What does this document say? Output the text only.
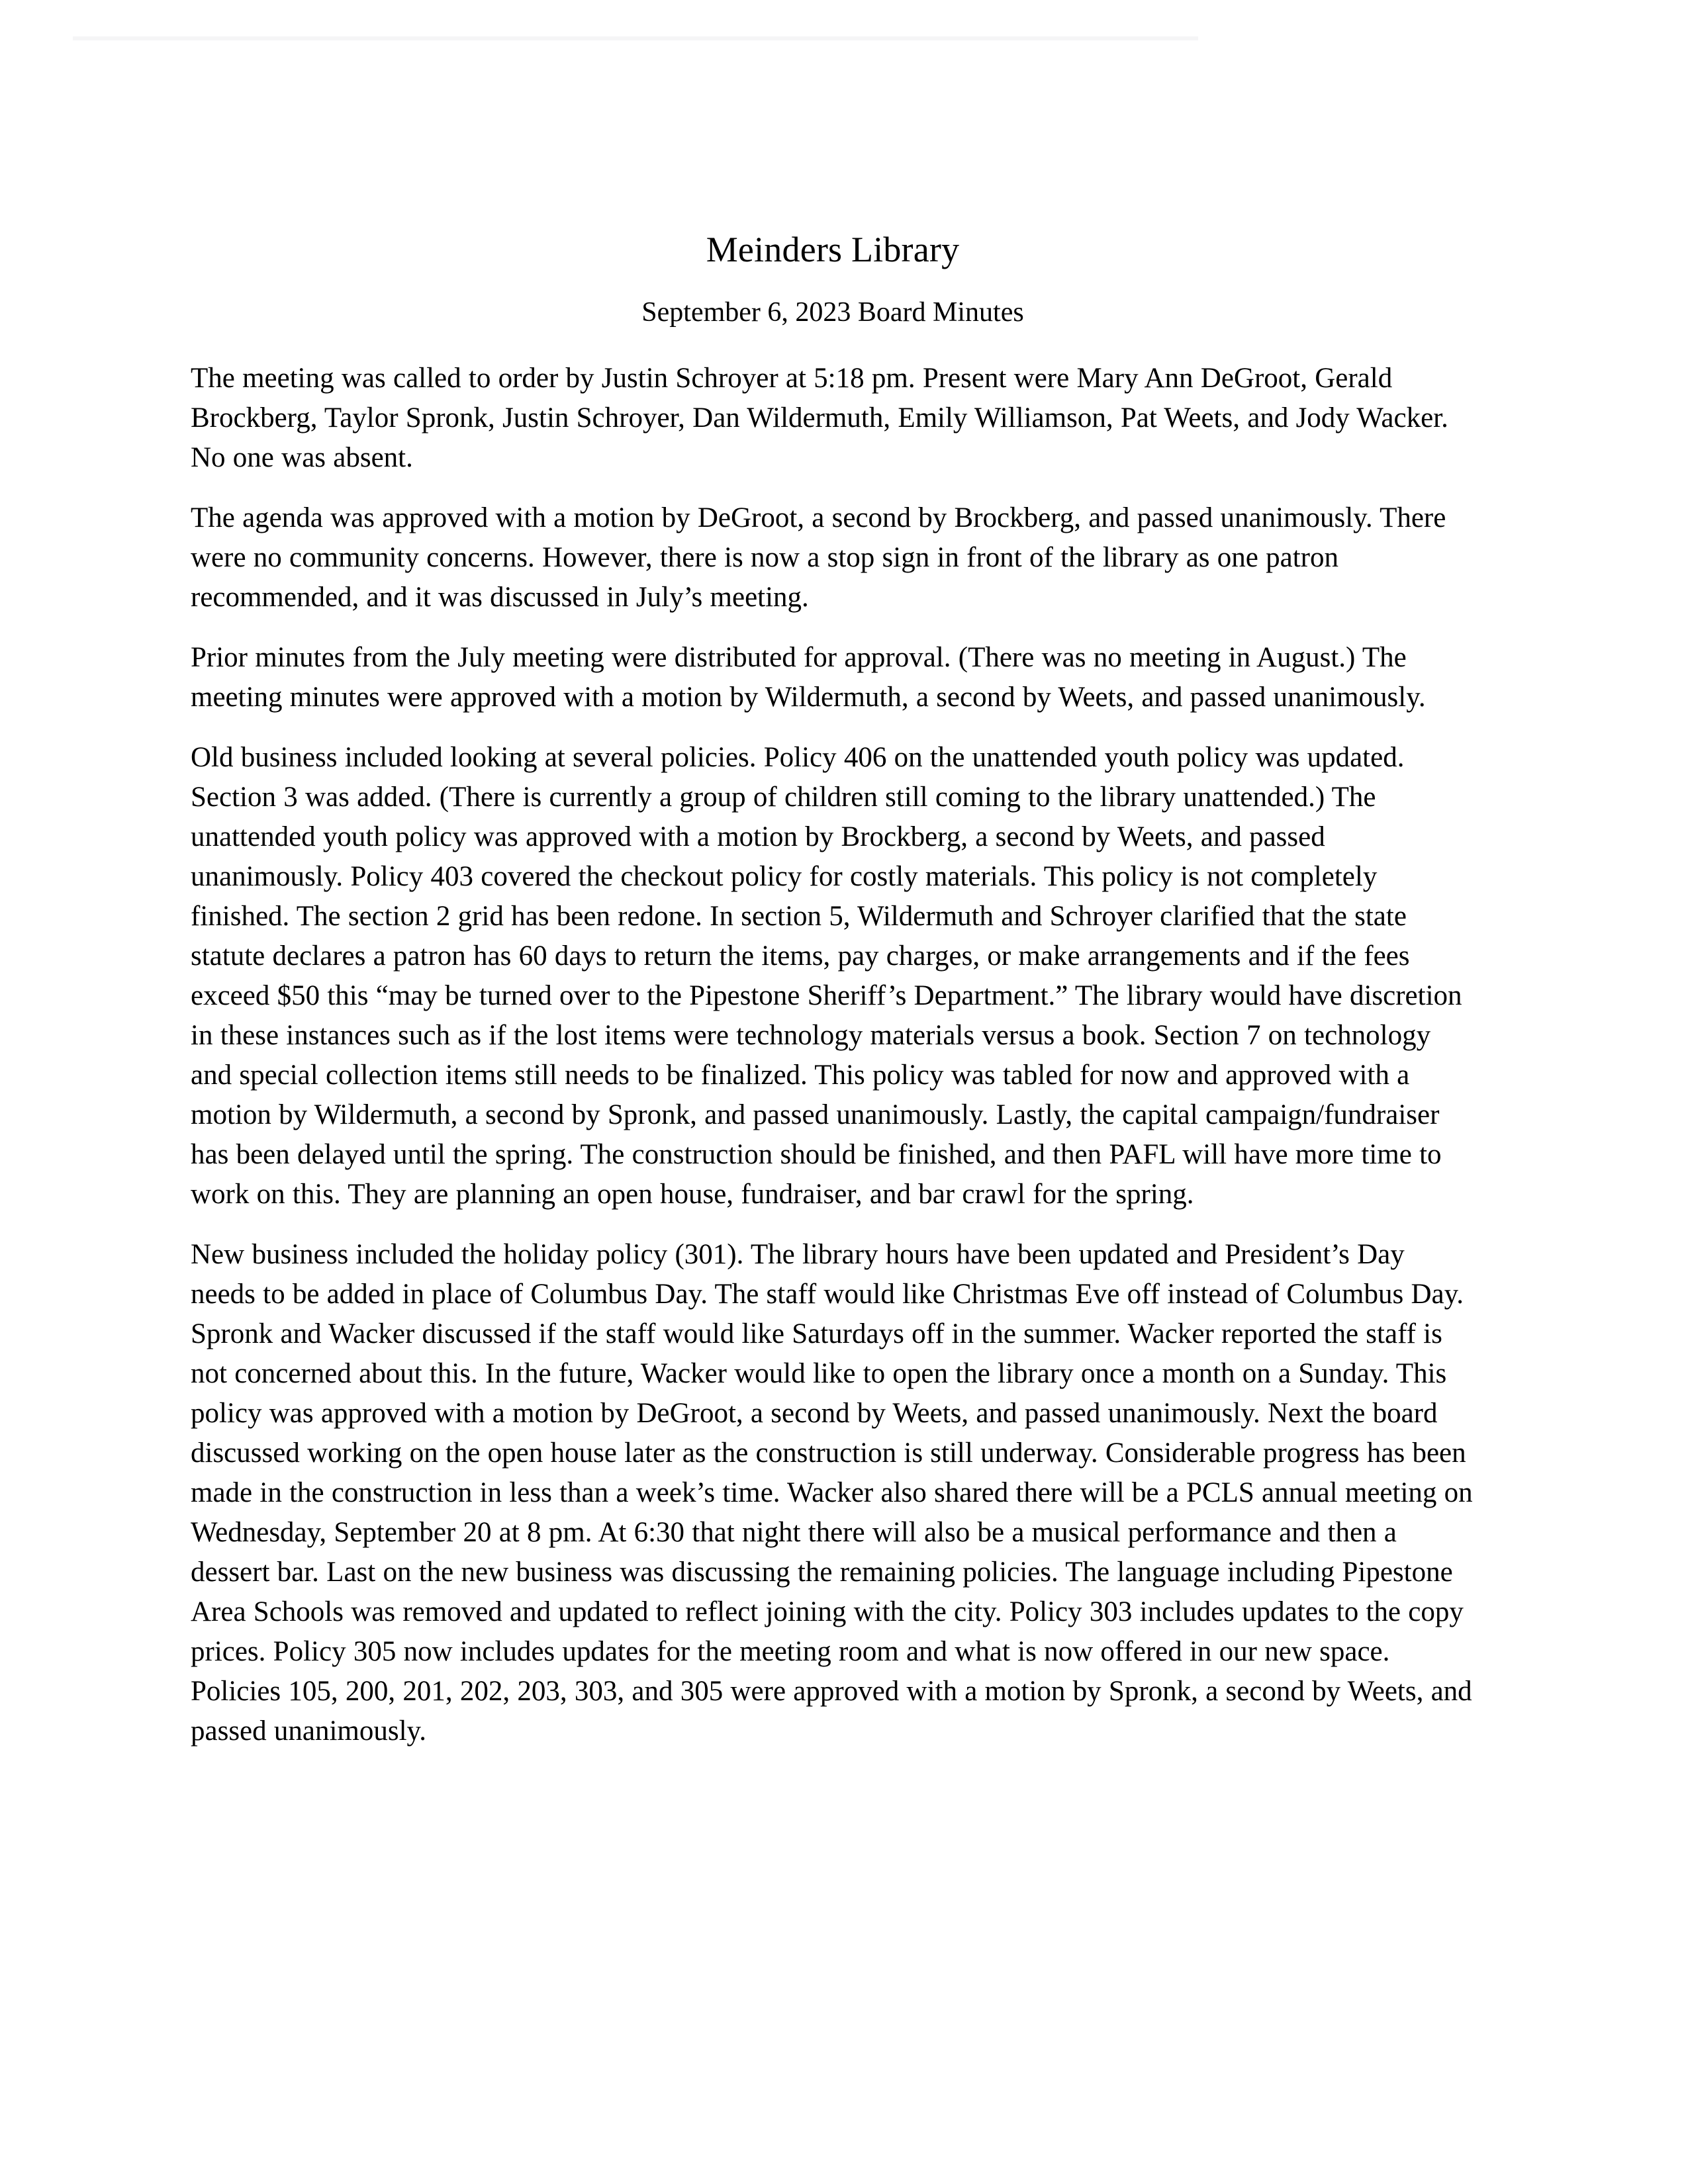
Meinders Library
September 6, 2023 Board Minutes

The meeting was called to order by Justin Schroyer at 5:18 pm. Present were Mary Ann DeGroot, Gerald Brockberg, Taylor Spronk, Justin Schroyer, Dan Wildermuth, Emily Williamson, Pat Weets, and Jody Wacker. No one was absent.

The agenda was approved with a motion by DeGroot, a second by Brockberg, and passed unanimously. There were no community concerns. However, there is now a stop sign in front of the library as one patron recommended, and it was discussed in July’s meeting.

Prior minutes from the July meeting were distributed for approval. (There was no meeting in August.) The meeting minutes were approved with a motion by Wildermuth, a second by Weets, and passed unanimously.

Old business included looking at several policies. Policy 406 on the unattended youth policy was updated. Section 3 was added. (There is currently a group of children still coming to the library unattended.) The unattended youth policy was approved with a motion by Brockberg, a second by Weets, and passed unanimously. Policy 403 covered the checkout policy for costly materials. This policy is not completely finished. The section 2 grid has been redone. In section 5, Wildermuth and Schroyer clarified that the state statute declares a patron has 60 days to return the items, pay charges, or make arrangements and if the fees exceed $50 this “may be turned over to the Pipestone Sheriff’s Department.” The library would have discretion in these instances such as if the lost items were technology materials versus a book. Section 7 on technology and special collection items still needs to be finalized. This policy was tabled for now and approved with a motion by Wildermuth, a second by Spronk, and passed unanimously. Lastly, the capital campaign/fundraiser has been delayed until the spring. The construction should be finished, and then PAFL will have more time to work on this. They are planning an open house, fundraiser, and bar crawl for the spring.

New business included the holiday policy (301). The library hours have been updated and President’s Day needs to be added in place of Columbus Day. The staff would like Christmas Eve off instead of Columbus Day. Spronk and Wacker discussed if the staff would like Saturdays off in the summer. Wacker reported the staff is not concerned about this. In the future, Wacker would like to open the library once a month on a Sunday. This policy was approved with a motion by DeGroot, a second by Weets, and passed unanimously. Next the board discussed working on the open house later as the construction is still underway. Considerable progress has been made in the construction in less than a week’s time. Wacker also shared there will be a PCLS annual meeting on Wednesday, September 20 at 8 pm. At 6:30 that night there will also be a musical performance and then a dessert bar. Last on the new business was discussing the remaining policies. The language including Pipestone Area Schools was removed and updated to reflect joining with the city. Policy 303 includes updates to the copy prices. Policy 305 now includes updates for the meeting room and what is now offered in our new space. Policies 105, 200, 201, 202, 203, 303, and 305 were approved with a motion by Spronk, a second by Weets, and passed unanimously.
